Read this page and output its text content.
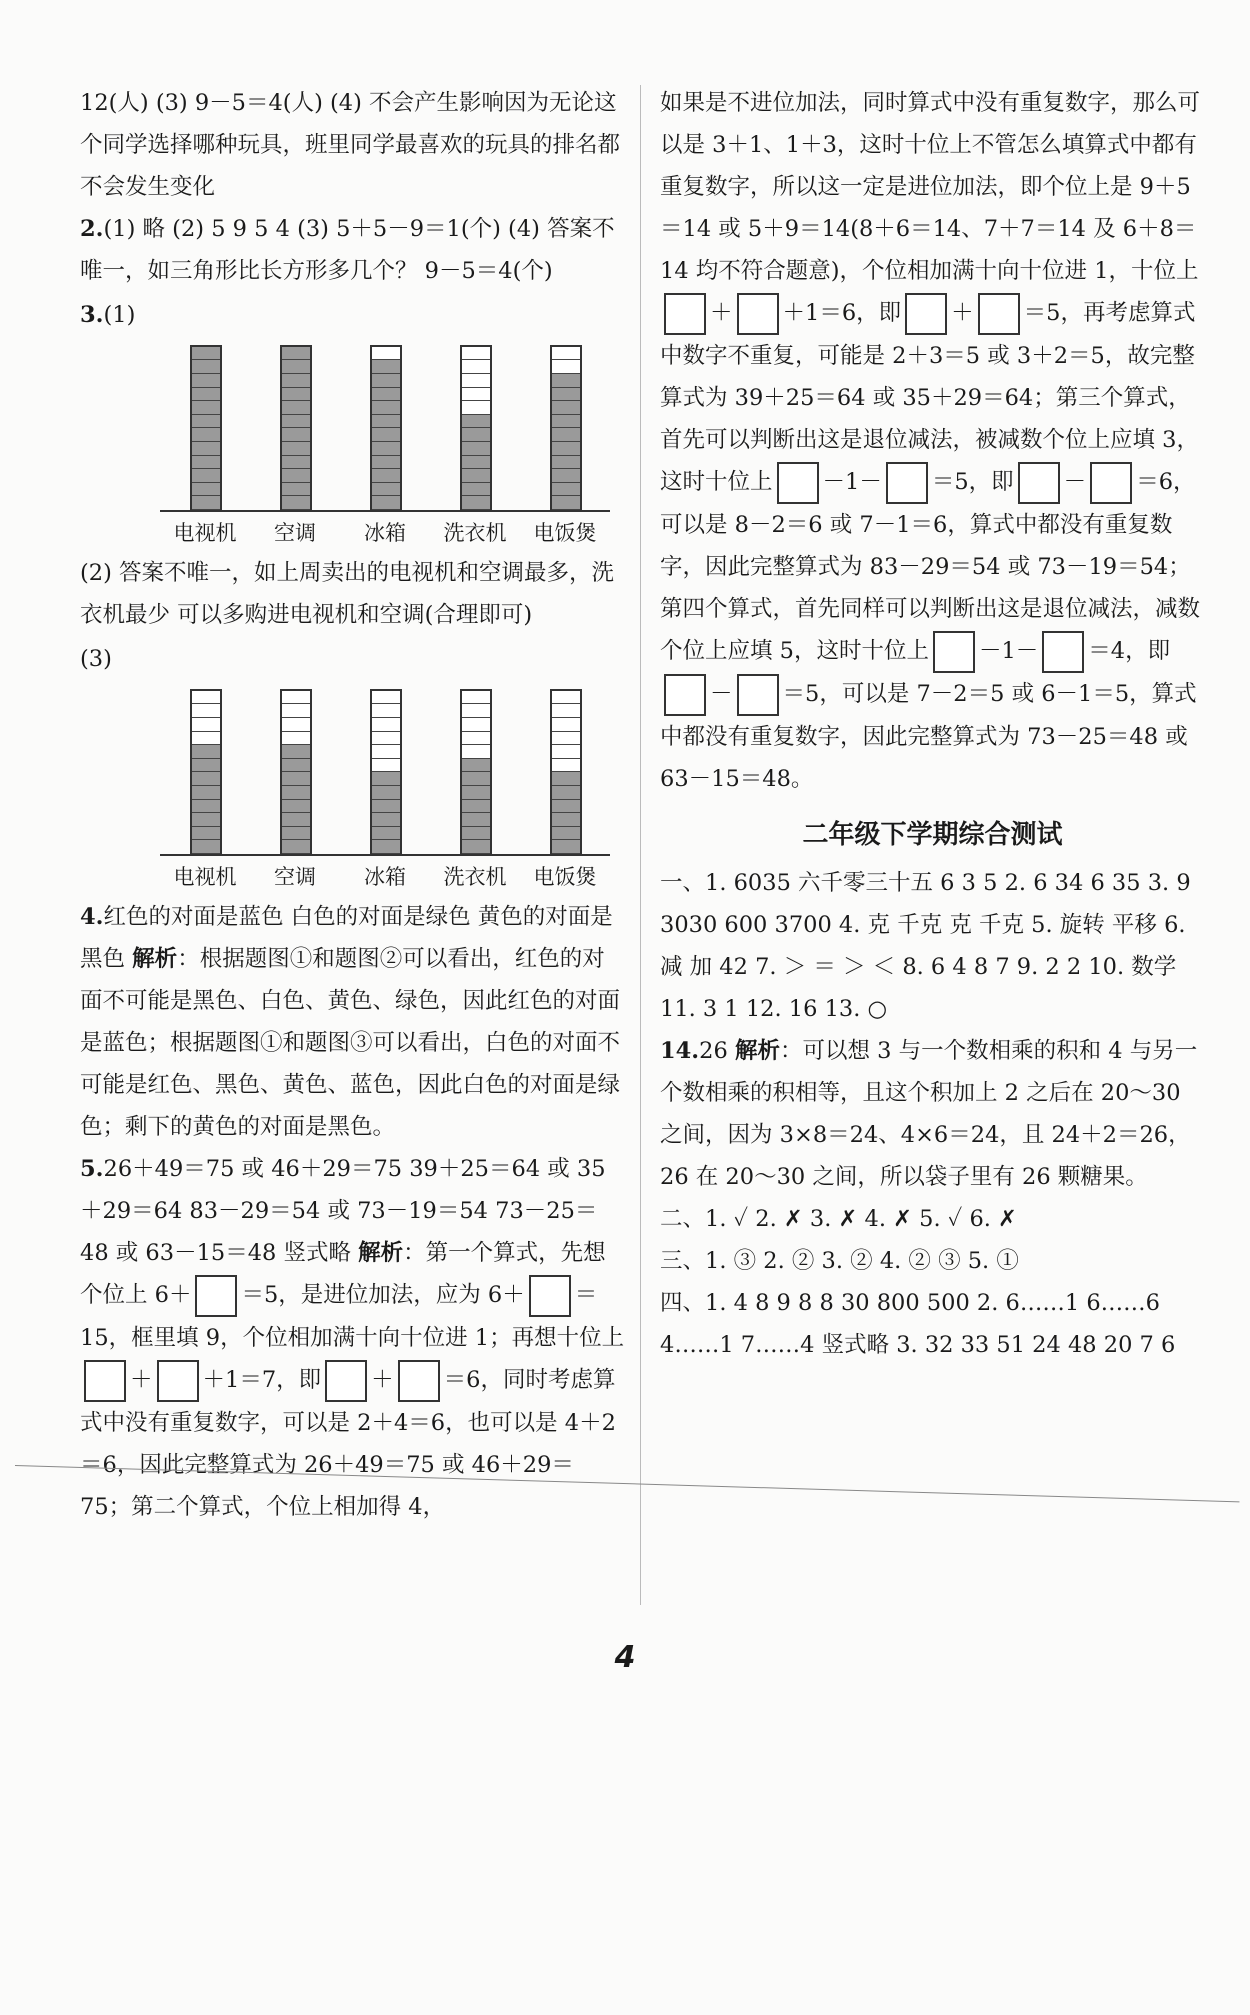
12(人) (3) 9－5＝4(人) (4) 不会产生影响因为无论这个同学选择哪种玩具，班里同学最喜欢的玩具的排名都不会发生变化

2.(1) 略 (2) 5 9 5 4 (3) 5＋5－9＝1(个) (4) 答案不唯一，如三角形比长方形多几个？ 9－5＝4(个)

3.(1)
电视机	空调	冰箱	洗衣机	电饭煲

(2) 答案不唯一，如上周卖出的电视机和空调最多，洗衣机最少 可以多购进电视机和空调(合理即可)

(3)
电视机	空调	冰箱	洗衣机	电饭煲

4.红色的对面是蓝色 白色的对面是绿色 黄色的对面是黑色 解析：根据题图①和题图②可以看出，红色的对面不可能是黑色、白色、黄色、绿色，因此红色的对面是蓝色；根据题图①和题图③可以看出，白色的对面不可能是红色、黑色、黄色、蓝色，因此白色的对面是绿色；剩下的黄色的对面是黑色。

5.26＋49＝75 或 46＋29＝75 39＋25＝64 或 35＋29＝64 83－29＝54 或 73－19＝54 73－25＝48 或 63－15＝48 竖式略 解析：第一个算式，先想个位上 6＋ ＝5，是进位加法，应为 6＋ ＝15，框里填 9，个位相加满十向十位进 1；再想十位上＋ ＋1＝7，即 ＋ ＝6，同时考虑算式中没有重复数字，可以是 2＋4＝6，也可以是 4＋2＝6，因此完整算式为 26＋49＝75 或 46＋29＝75；第二个算式，个位上相加得 4，

如果是不进位加法，同时算式中没有重复数字，那么可以是 3＋1、1＋3，这时十位上不管怎么填算式中都有重复数字，所以这一定是进位加法，即个位上是 9＋5＝14 或 5＋9＝14(8＋6＝14、7＋7＝14 及 6＋8＝14 均不符合题意)，个位相加满十向十位进 1，十位上＋ ＋1＝6，即 ＋ ＝5，再考虑算式中数字不重复，可能是 2＋3＝5 或 3＋2＝5，故完整算式为 39＋25＝64 或 35＋29＝64；第三个算式，首先可以判断出这是退位减法，被减数个位上应填 3，这时十位上 －1－ ＝5，即 － ＝6，可以是 8－2＝6 或 7－1＝6，算式中都没有重复数字，因此完整算式为 83－29＝54 或 73－19＝54；第四个算式，首先同样可以判断出这是退位减法，减数个位上应填 5，这时十位上 －1－ ＝4，即－ ＝5，可以是 7－2＝5 或 6－1＝5，算式中都没有重复数字，因此完整算式为 73－25＝48 或 63－15＝48。

二年级下学期综合测试

一、1. 6035 六千零三十五 6 3 5 2. 6 34 6 35 3. 9 3030 600 3700 4. 克 千克 克 千克 5. 旋转 平移 6. 减 加 42 7. ＞ ＝ ＞ ＜ 8. 6 4 8 7 9. 2 2 10. 数学 11. 3 1 12. 16 13. ○

14.26 解析：可以想 3 与一个数相乘的积和 4 与另一个数相乘的积相等，且这个积加上 2 之后在 20～30 之间，因为 3×8＝24、4×6＝24，且 24＋2＝26，26 在 20～30 之间，所以袋子里有 26 颗糖果。

二、1. ✓ 2. ✗ 3. ✗ 4. ✗ 5. ✓ 6. ✗

三、1. ③ 2. ② 3. ② 4. ② ③ 5. ①

四、1. 4 8 9 8 8 30 800 500 2. 6……1 6……6 4……1 7……4 竖式略 3. 32 33 51 24 48 20 7 6

4
